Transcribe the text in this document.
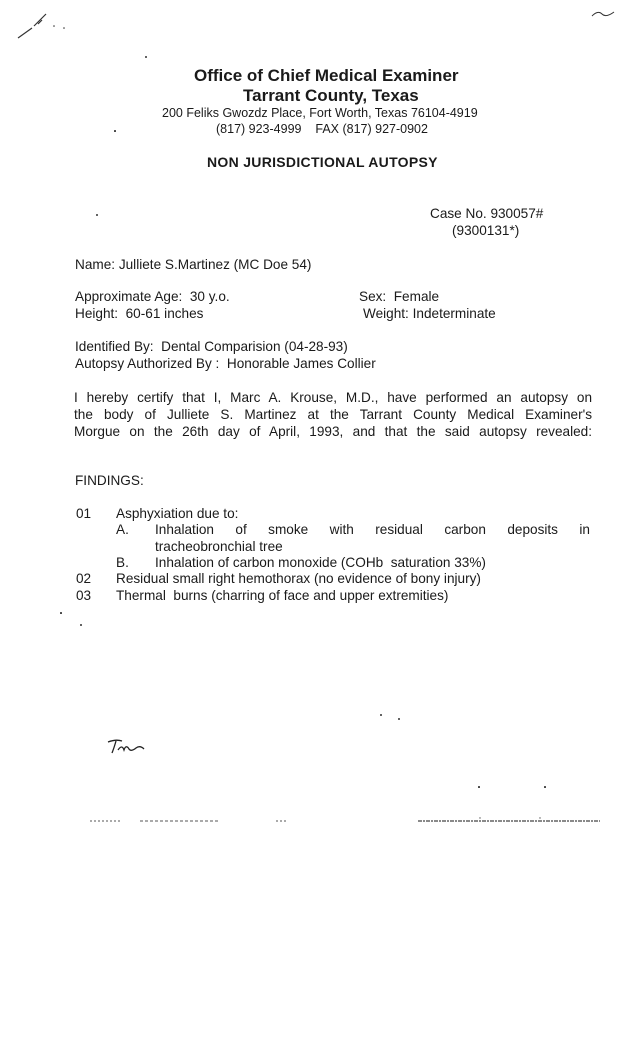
Office of Chief Medical Examiner
Tarrant County, Texas
200 Feliks Gwozdz Place, Fort Worth, Texas 76104-4919
(817) 923-4999    FAX (817) 927-0902
NON JURISDICTIONAL AUTOPSY
Case No. 930057#
(9300131*)
Name: Julliete S.Martinez (MC Doe 54)
Approximate Age:  30 y.o.	Sex:  Female
Height:  60-61 inches	Weight: Indeterminate
Identified By:  Dental Comparision (04-28-93)
Autopsy Authorized By :  Honorable James Collier
I hereby certify that I, Marc A. Krouse, M.D., have performed an autopsy on
the body of Julliete S. Martinez at the Tarrant County Medical Examiner's
Morgue on the 26th day of April, 1993, and that the said autopsy revealed:
FINDINGS:
01 Asphyxiation due to:
A. Inhalation of smoke with residual carbon deposits in
tracheobronchial tree
B. Inhalation of carbon monoxide (COHb  saturation 33%)
02 Residual small right hemothorax (no evidence of bony injury)
03 Thermal  burns (charring of face and upper extremities)
